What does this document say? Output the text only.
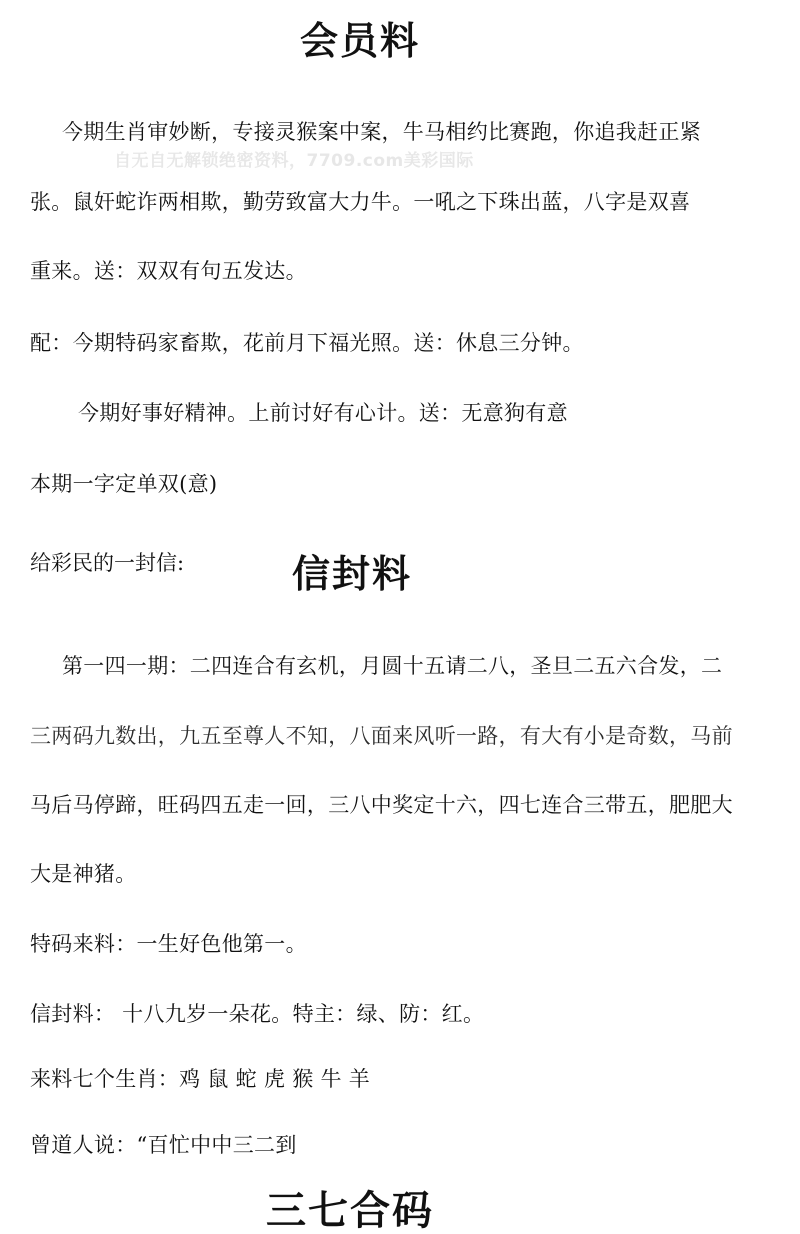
会员料
今期生肖审妙断，专接灵猴案中案，牛马相约比赛跑，你追我赶正紧
张。鼠奸蛇诈两相欺，勤劳致富大力牛。一吼之下珠出蓝，八字是双喜
自无自无解锁绝密资料，7709.com美彩国际
重来。送：双双有句五发达。
配：今期特码家畜欺，花前月下福光照。送：休息三分钟。
今期好事好精神。上前讨好有心计。送：无意狗有意
本期一字定单双(意)
给彩民的一封信:	信封料
第一四一期：二四连合有玄机，月圆十五请二八，圣旦二五六合发，二
三两码九数出，九五至尊人不知，八面来风听一路，有大有小是奇数，马前
马后马停蹄，旺码四五走一回，三八中奖定十六，四七连合三带五，肥肥大
大是神猪。
特码来料：一生好色他第一。
信封料： 十八九岁一朵花。特主：绿、防：红。
来料七个生肖：鸡 鼠 蛇 虎 猴 牛 羊
曾道人说：“百忙中中三二到
三七合码
